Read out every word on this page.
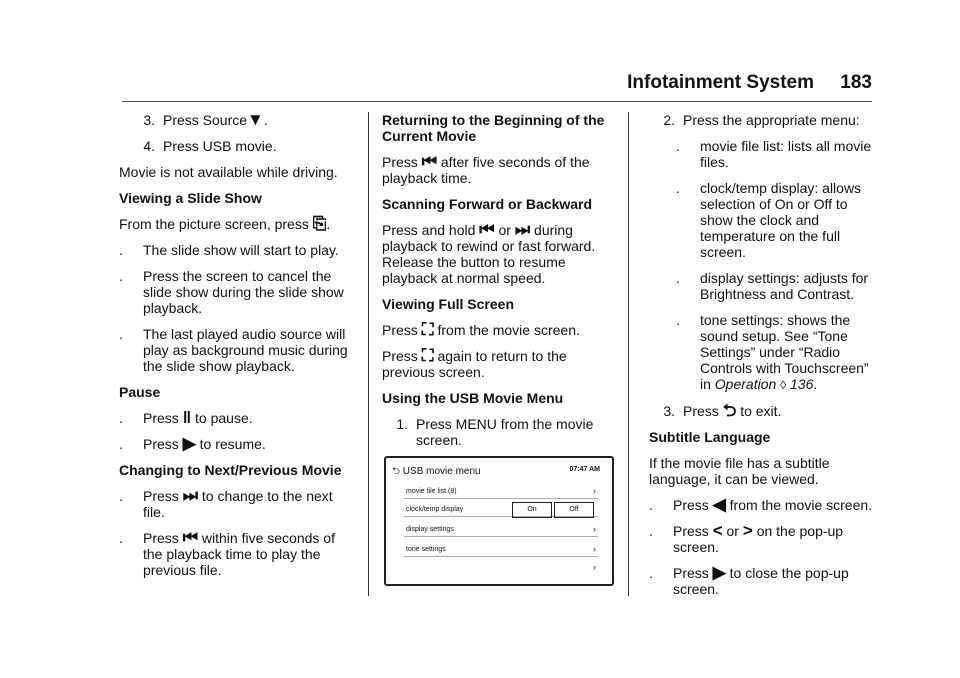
Infotainment System 183
3. Press Source▼.
4. Press USB movie.

Movie is not available while driving.

Viewing a Slide Show

From the picture screen, press ⎘.

.	The slide show will start to play.
.	Press the screen to cancel the slide show during the slide show playback.
.	The last played audio source will play as background music during the slide show playback.

Pause

.	Press ‖ to pause.
.	Press ▶ to resume.

Changing to Next/Previous Movie

.	Press ⏭ to change to the next file.
.	Press ⏮ within five seconds of the playback time to play the previous file.

Returning to the Beginning of the Current Movie

Press ⏮ after five seconds of the playback time.

Scanning Forward or Backward

Press and hold ⏮ or ⏭ during playback to rewind or fast forward. Release the button to resume playback at normal speed.

Viewing Full Screen

Press ⛶ from the movie screen.

Press ⛶ again to return to the previous screen.

Using the USB Movie Menu

1. Press MENU from the movie screen.
⮌ USB movie menu	07:47 AM
movie file list (8)	›
clock/temp display	On	Off
display settings	›
tone settings	›
›
2. Press the appropriate menu:
.	movie file list: lists all movie files.
.	clock/temp display: allows selection of On or Off to show the clock and temperature on the full screen.
.	display settings: adjusts for Brightness and Contrast.
.	tone settings: shows the sound setup. See “Tone Settings” under “Radio Controls with Touchscreen” in Operation ◊ 136.
3. Press ⮌ to exit.

Subtitle Language

If the movie file has a subtitle language, it can be viewed.

.	Press ◀ from the movie screen.
.	Press < or > on the pop-up screen.
.	Press ▶ to close the pop-up screen.
